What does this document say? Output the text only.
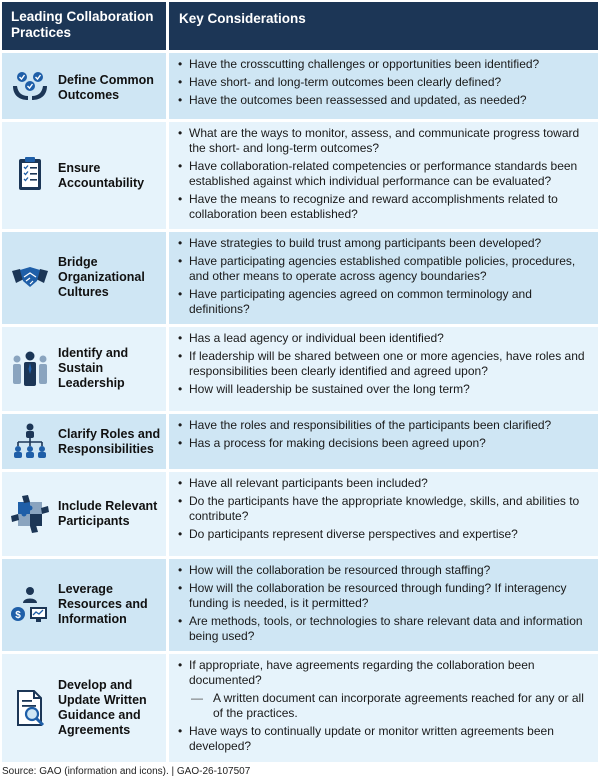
Leading Collaboration
Practices
Key Considerations
Define Common
Outcomes
• Have the crosscutting challenges or opportunities been identified?
• Have short- and long-term outcomes been clearly defined?
• Have the outcomes been reassessed and updated, as needed?
Ensure
Accountability
• What are the ways to monitor, assess, and communicate progress toward the short- and long-term outcomes?
• Have collaboration-related competencies or performance standards been established against which individual performance can be evaluated?
• Have the means to recognize and reward accomplishments related to collaboration been established?
Bridge
Organizational
Cultures
• Have strategies to build trust among participants been developed?
• Have participating agencies established compatible policies, procedures, and other means to operate across agency boundaries?
• Have participating agencies agreed on common terminology and definitions?
Identify and
Sustain
Leadership
• Has a lead agency or individual been identified?
• If leadership will be shared between one or more agencies, have roles and responsibilities been clearly identified and agreed upon?
• How will leadership be sustained over the long term?
Clarify Roles and
Responsibilities
• Have the roles and responsibilities of the participants been clarified?
• Has a process for making decisions been agreed upon?
Include Relevant
Participants
• Have all relevant participants been included?
• Do the participants have the appropriate knowledge, skills, and abilities to contribute?
• Do participants represent diverse perspectives and expertise?
$
Leverage
Resources and
Information
• How will the collaboration be resourced through staffing?
• How will the collaboration be resourced through funding? If interagency funding is needed, is it permitted?
• Are methods, tools, or technologies to share relevant data and information being used?
Develop and
Update Written
Guidance and
Agreements
• If appropriate, have agreements regarding the collaboration been documented?
— A written document can incorporate agreements reached for any or all of the practices.
• Have ways to continually update or monitor written agreements been developed?
Source: GAO (information and icons). | GAO-26-107507
